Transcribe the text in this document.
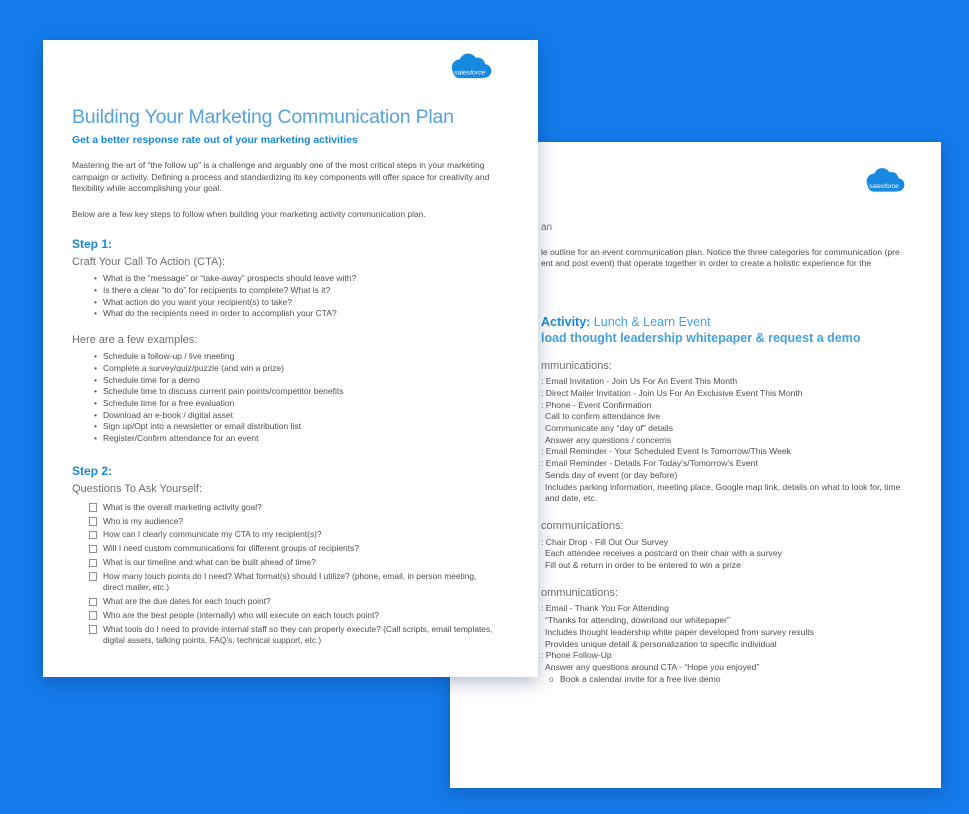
salesforce
an
le outline for an event communication plan. Notice the three categories for communication (pre
ent and post event) that operate together in order to create a holistic experience for the
Activity: Lunch & Learn Event
load thought leadership whitepaper & request a demo
mmunications:
: Email Invitation - Join Us For An Event This Month
: Direct Mailer Invitation - Join Us For An Exclusive Event This Month
: Phone - Event Confirmation
Call to confirm attendance live
Communicate any “day of” details
Answer any questions / concerns
: Email Reminder - Your Scheduled Event Is Tomorrow/This Week
: Email Reminder - Details For Today’s/Tomorrow’s Event
Sends day of event (or day before)
Includes parking information, meeting place, Google map link, details on what to look for, time
and date, etc.
communications:
: Chair Drop - Fill Out Our Survey
Each attendee receives a postcard on their chair with a survey
Fill out & return in order to be entered to win a prize
ommunications:
: Email - Thank You For Attending
“Thanks for attending, download our whitepaper”
Includes thought leadership white paper developed from survey results
Provides unique detail & personalization to specific individual
: Phone Follow-Up
Answer any questions around CTA - “Hope you enjoyed”
o Book a calendar invite for a free live demo
salesforce
Building Your Marketing Communication Plan
Get a better response rate out of your marketing activities
Mastering the art of “the follow up” is a challenge and arguably one of the most critical steps in your marketing campaign or activity. Defining a process and standardizing its key components will offer space for creativity and flexibility while accomplishing your goal.
Below are a few key steps to follow when building your marketing activity communication plan.
Step 1:
Craft Your Call To Action (CTA):
• What is the “message” or “take-away” prospects should leave with?
• Is there a clear “to do” for recipients to complete? What is it?
• What action do you want your recipient(s) to take?
• What do the recipients need in order to accomplish your CTA?
Here are a few examples:
• Schedule a follow-up / live meeting
• Complete a survey/quiz/puzzle (and win a prize)
• Schedule time for a demo
• Schedule time to discuss current pain points/competitor benefits
• Schedule time for a free evaluation
• Download an e-book / digital asset
• Sign up/Opt into a newsletter or email distribution list
• Register/Confirm attendance for an event
Step 2:
Questions To Ask Yourself:
What is the overall marketing activity goal?
Who is my audience?
How can I clearly communicate my CTA to my recipient(s)?
Will I need custom communications for different groups of recipients?
What is our timeline and what can be built ahead of time?
How many touch points do I need? What format(s) should I utilize? (phone, email, in person meeting, direct mailer, etc.)
What are the due dates for each touch point?
Who are the best people (internally) who will execute on each touch point?
What tools do I need to provide internal staff so they can properly execute? (Call scripts, email templates, digital assets, talking points, FAQ’s, technical support, etc.)
